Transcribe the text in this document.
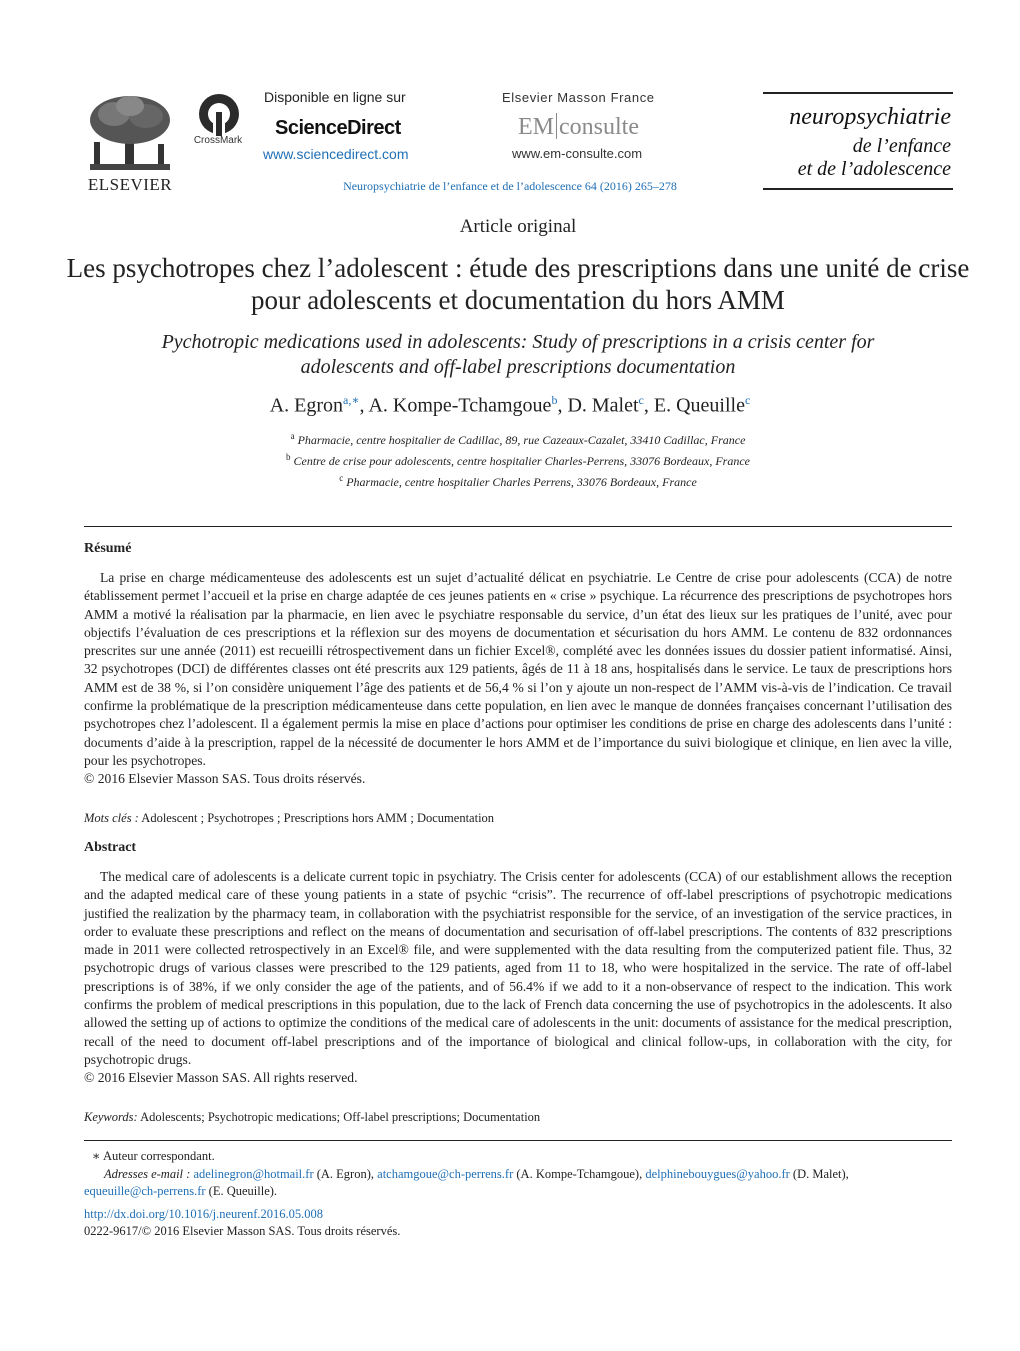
ELSEVIER
CrossMark
Disponible en ligne sur
ScienceDirect
www.sciencedirect.com
Elsevier Masson France
EM consulte
www.em-consulte.com
neuropsychiatrie
de l’enfance
et de l’adolescence
Neuropsychiatrie de l’enfance et de l’adolescence 64 (2016) 265–278
Article original
Les psychotropes chez l’adolescent : étude des prescriptions dans une unité de crise pour adolescents et documentation du hors AMM
Pychotropic medications used in adolescents: Study of prescriptions in a crisis center for adolescents and off-label prescriptions documentation
A. Egron$^{a,∗}$, A. Kompe-Tchamgoue$^b$, D. Malet$^c$, E. Queuille$^c$
$^a$ Pharmacie, centre hospitalier de Cadillac, 89, rue Cazeaux-Cazalet, 33410 Cadillac, France
$^b$ Centre de crise pour adolescents, centre hospitalier Charles-Perrens, 33076 Bordeaux, France
$^c$ Pharmacie, centre hospitalier Charles Perrens, 33076 Bordeaux, France
Résumé

La prise en charge médicamenteuse des adolescents est un sujet d’actualité délicat en psychiatrie. Le Centre de crise pour adolescents (CCA) de notre établissement permet l’accueil et la prise en charge adaptée de ces jeunes patients en « crise » psychique. La récurrence des prescriptions de psychotropes hors AMM a motivé la réalisation par la pharmacie, en lien avec le psychiatre responsable du service, d’un état des lieux sur les pratiques de l’unité, avec pour objectifs l’évaluation de ces prescriptions et la réflexion sur des moyens de documentation et sécurisation du hors AMM. Le contenu de 832 ordonnances prescrites sur une année (2011) est recueilli rétrospectivement dans un fichier Excel®, complété avec les données issues du dossier patient informatisé. Ainsi, 32 psychotropes (DCI) de différentes classes ont été prescrits aux 129 patients, âgés de 11 à 18 ans, hospitalisés dans le service. Le taux de prescriptions hors AMM est de 38 %, si l’on considère uniquement l’âge des patients et de 56,4 % si l’on y ajoute un non-respect de l’AMM vis-à-vis de l’indication. Ce travail confirme la problématique de la prescription médicamenteuse dans cette population, en lien avec le manque de données françaises concernant l’utilisation des psychotropes chez l’adolescent. Il a également permis la mise en place d’actions pour optimiser les conditions de prise en charge des adolescents dans l’unité : documents d’aide à la prescription, rappel de la nécessité de documenter le hors AMM et de l’importance du suivi biologique et clinique, en lien avec la ville, pour les psychotropes.

© 2016 Elsevier Masson SAS. Tous droits réservés.

Mots clés : Adolescent ; Psychotropes ; Prescriptions hors AMM ; Documentation
Abstract

The medical care of adolescents is a delicate current topic in psychiatry. The Crisis center for adolescents (CCA) of our establishment allows the reception and the adapted medical care of these young patients in a state of psychic “crisis”. The recurrence of off-label prescriptions of psychotropic medications justified the realization by the pharmacy team, in collaboration with the psychiatrist responsible for the service, of an investigation of the service practices, in order to evaluate these prescriptions and reflect on the means of documentation and securisation of off-label prescriptions. The contents of 832 prescriptions made in 2011 were collected retrospectively in an Excel® file, and were supplemented with the data resulting from the computerized patient file. Thus, 32 psychotropic drugs of various classes were prescribed to the 129 patients, aged from 11 to 18, who were hospitalized in the service. The rate of off-label prescriptions is of 38%, if we only consider the age of the patients, and of 56.4% if we add to it a non-observance of respect to the indication. This work confirms the problem of medical prescriptions in this population, due to the lack of French data concerning the use of psychotropics in the adolescents. It also allowed the setting up of actions to optimize the conditions of the medical care of adolescents in the unit: documents of assistance for the medical prescription, recall of the need to document off-label prescriptions and of the importance of biological and clinical follow-ups, in collaboration with the city, for psychotropic drugs.

© 2016 Elsevier Masson SAS. All rights reserved.

Keywords: Adolescents; Psychotropic medications; Off-label prescriptions; Documentation
∗ Auteur correspondant.
Adresses e-mail : adelinegron@hotmail.fr (A. Egron), atchamgoue@ch-perrens.fr (A. Kompe-Tchamgoue), delphinebouygues@yahoo.fr (D. Malet),
equeuille@ch-perrens.fr (E. Queuille).
http://dx.doi.org/10.1016/j.neurenf.2016.05.008
0222-9617/© 2016 Elsevier Masson SAS. Tous droits réservés.
